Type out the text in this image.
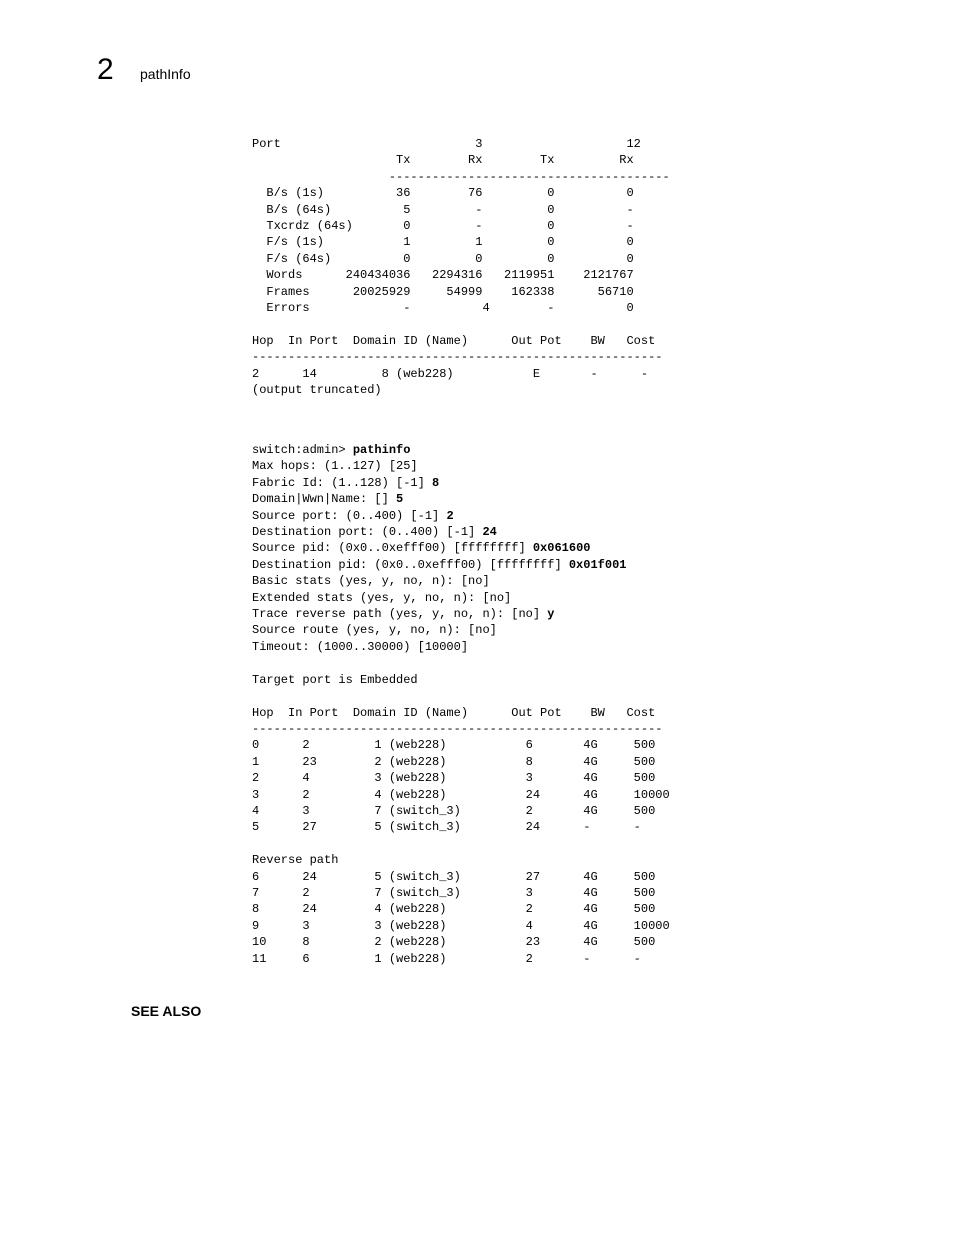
2 pathInfo
Port                           3                    12
Tx        Rx        Tx         Rx
---------------------------------------
B/s (1s)          36        76         0          0
B/s (64s)          5         -         0          -
Txcrdz (64s)       0         -         0          -
F/s (1s)           1         1         0          0
F/s (64s)          0         0         0          0
Words      240434036   2294316   2119951    2121767
Frames      20025929     54999    162338      56710
Errors             -          4        -          0

Hop  In Port  Domain ID (Name)      Out Pot    BW   Cost
---------------------------------------------------------
2      14         8 (web228)           E       -      -
(output truncated)

switch:admin> pathinfo
Max hops: (1..127) [25]
Fabric Id: (1..128) [-1] 8
Domain|Wwn|Name: [] 5
Source port: (0..400) [-1] 2
Destination port: (0..400) [-1] 24
Source pid: (0x0..0xefff00) [ffffffff] 0x061600
Destination pid: (0x0..0xefff00) [ffffffff] 0x01f001
Basic stats (yes, y, no, n): [no]
Extended stats (yes, y, no, n): [no]
Trace reverse path (yes, y, no, n): [no] y
Source route (yes, y, no, n): [no]
Timeout: (1000..30000) [10000]

Target port is Embedded

Hop  In Port  Domain ID (Name)      Out Pot    BW   Cost
---------------------------------------------------------
0      2         1 (web228)           6       4G     500
1      23        2 (web228)           8       4G     500
2      4         3 (web228)           3       4G     500
3      2         4 (web228)           24      4G     10000
4      3         7 (switch_3)         2       4G     500
5      27        5 (switch_3)         24      -      -

Reverse path
6      24        5 (switch_3)         27      4G     500
7      2         7 (switch_3)         3       4G     500
8      24        4 (web228)           2       4G     500
9      3         3 (web228)           4       4G     10000
10     8         2 (web228)           23      4G     500
11     6         1 (web228)           2       -      -

SEE ALSO
